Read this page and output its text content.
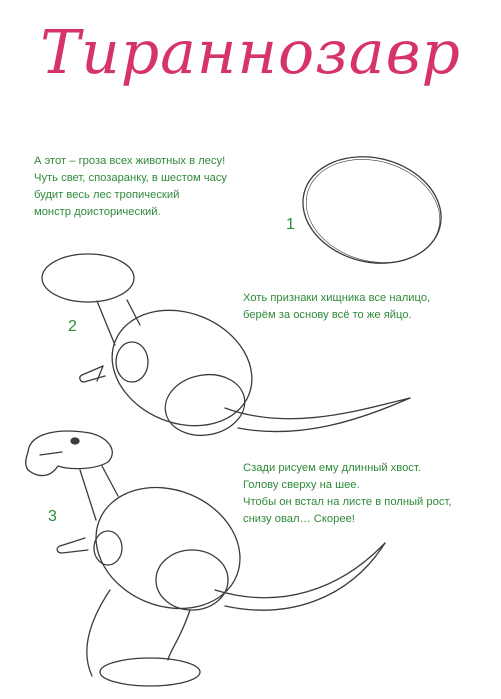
Тираннозавр
А этот – гроза всех животных в лесу!
Чуть свет, спозаранку, в шестом часу
будит весь лес тропический
монстр доисторический.
Хоть признаки хищника все налицо,
берём за основу всё то же яйцо.
Сзади рисуем ему длинный хвост.
Голову сверху на шее.
Чтобы он встал на листе в полный рост,
снизу овал… Скорее!
1
2
3
